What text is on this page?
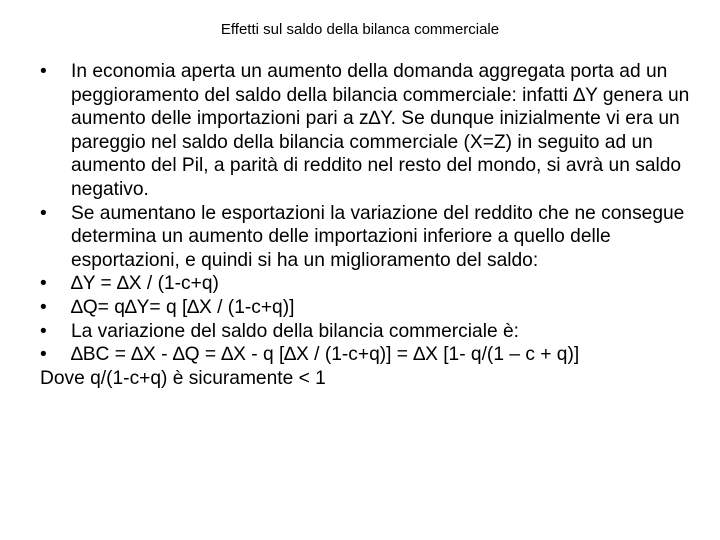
Effetti sul saldo della bilanca commerciale
•	In economia aperta un aumento della domanda aggregata porta ad un peggioramento del saldo della bilancia commerciale: infatti ∆Y genera un aumento delle importazioni pari a z∆Y. Se dunque inizialmente vi era un pareggio nel saldo della bilancia commerciale (X=Z) in seguito ad un aumento del Pil, a parità di reddito nel resto del mondo, si avrà un saldo negativo.
•	Se aumentano le esportazioni la variazione del reddito che ne consegue determina un aumento delle importazioni inferiore a quello delle esportazioni, e quindi si ha un miglioramento del saldo:
•	∆Y = ∆X / (1-c+q)
•	∆Q= q∆Y= q [∆X / (1-c+q)]
•	La variazione del saldo della bilancia commerciale è:
•	∆BC = ∆X - ∆Q = ∆X - q [∆X / (1-c+q)] = ∆X [1- q/(1 – c + q)]
Dove q/(1-c+q) è sicuramente < 1
